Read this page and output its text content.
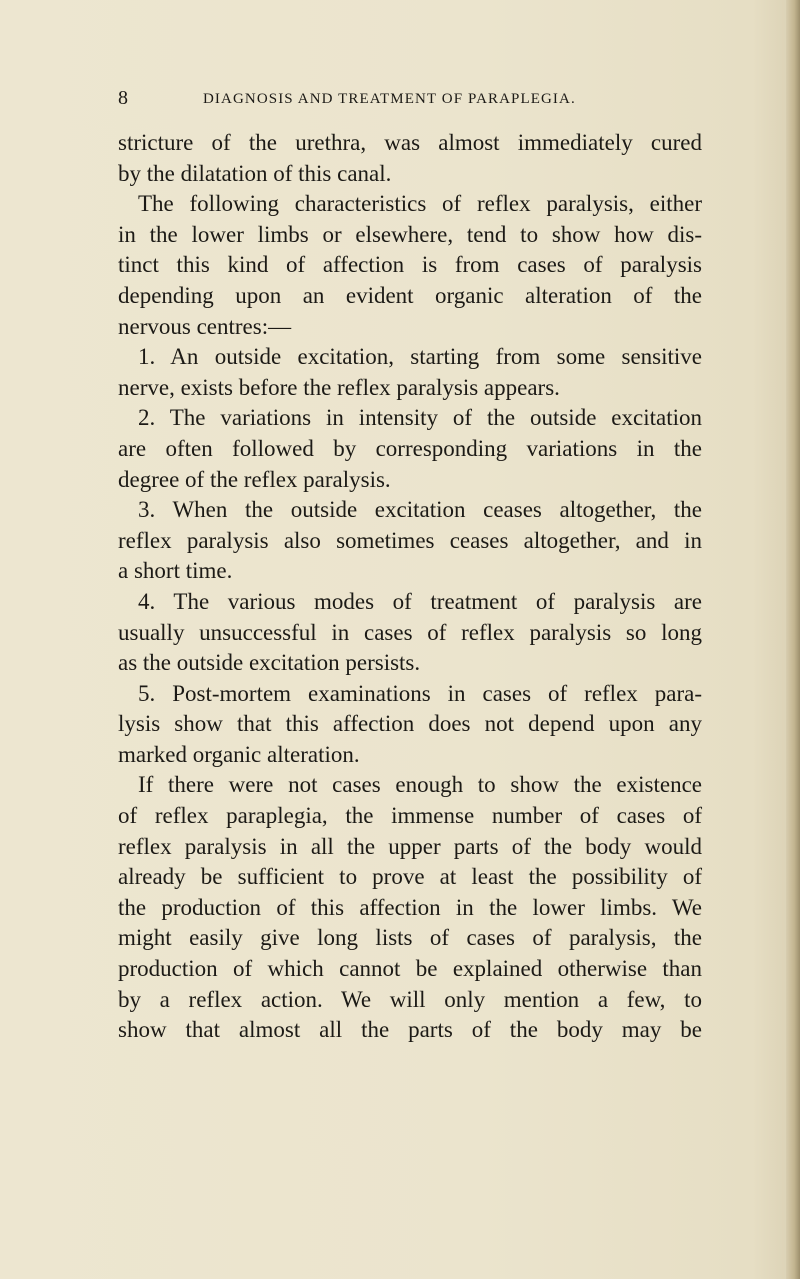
8	DIAGNOSIS AND TREATMENT OF PARAPLEGIA.
stricture of the urethra, was almost immediately cured
by the dilatation of this canal.
The following characteristics of reflex paralysis, either
in the lower limbs or elsewhere, tend to show how dis-
tinct this kind of affection is from cases of paralysis
depending upon an evident organic alteration of the
nervous centres:—
1. An outside excitation, starting from some sensitive
nerve, exists before the reflex paralysis appears.
2. The variations in intensity of the outside excitation
are often followed by corresponding variations in the
degree of the reflex paralysis.
3. When the outside excitation ceases altogether, the
reflex paralysis also sometimes ceases altogether, and in
a short time.
4. The various modes of treatment of paralysis are
usually unsuccessful in cases of reflex paralysis so long
as the outside excitation persists.
5. Post-mortem examinations in cases of reflex para-
lysis show that this affection does not depend upon any
marked organic alteration.
If there were not cases enough to show the existence
of reflex paraplegia, the immense number of cases of
reflex paralysis in all the upper parts of the body would
already be sufficient to prove at least the possibility of
the production of this affection in the lower limbs. We
might easily give long lists of cases of paralysis, the
production of which cannot be explained otherwise than
by a reflex action. We will only mention a few, to
show that almost all the parts of the body may be
